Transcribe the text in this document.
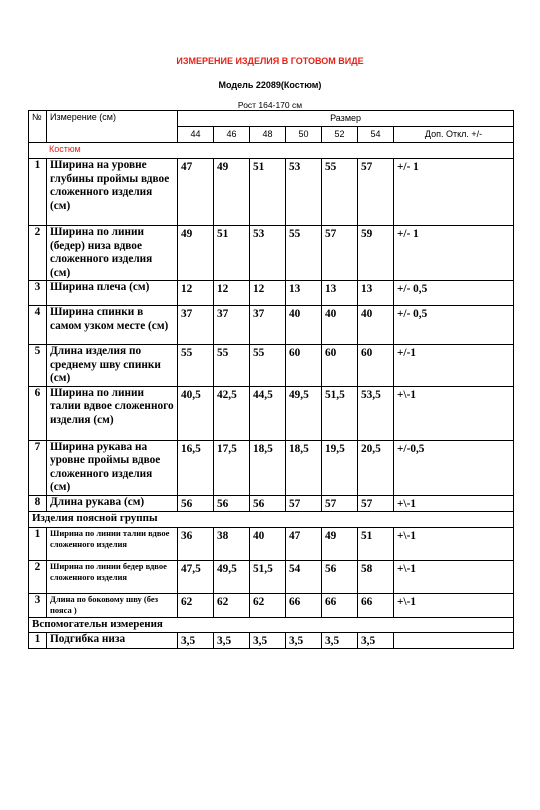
ИЗМЕРЕНИЕ ИЗДЕЛИЯ В ГОТОВОМ ВИДЕ
Модель 22089(Костюм)
Рост 164-170 см
№	Измерение (см)	Размер						
		44	46	48	50	52	54	Доп. Откл. +/-
Костюм								
1	Ширина на уровне глубины проймы вдвое сложенного изделия (см)	47	49	51	53	55	57	+/- 1
2	Ширина по линии (бедер) низа вдвое сложенного изделия (см)	49	51	53	55	57	59	+/- 1
3	Ширина плеча (см)	12	12	12	13	13	13	+/- 0,5
4	Ширина спинки в самом узком месте (см)	37	37	37	40	40	40	+/- 0,5
5	Длина изделия по среднему шву спинки (см)	55	55	55	60	60	60	+/-1
6	Ширина по линии талии вдвое сложенного изделия (см)	40,5	42,5	44,5	49,5	51,5	53,5	+\-1
7	Ширина рукава на уровне проймы вдвое сложенного изделия (см)	16,5	17,5	18,5	18,5	19,5	20,5	+/-0,5
8	Длина рукава (см)	56	56	56	57	57	57	+\-1
Изделия поясной группы								
1	Ширина по линии талии вдвое сложенного изделия	36	38	40	47	49	51	+\-1
2	Ширина по линии бедер вдвое сложенного изделия	47,5	49,5	51,5	54	56	58	+\-1
3	Длина по боковому шву (без пояса )	62	62	62	66	66	66	+\-1
Вспомогательн измерения								
1	Подгибка низа	3,5	3,5	3,5	3,5	3,5	3,5	
